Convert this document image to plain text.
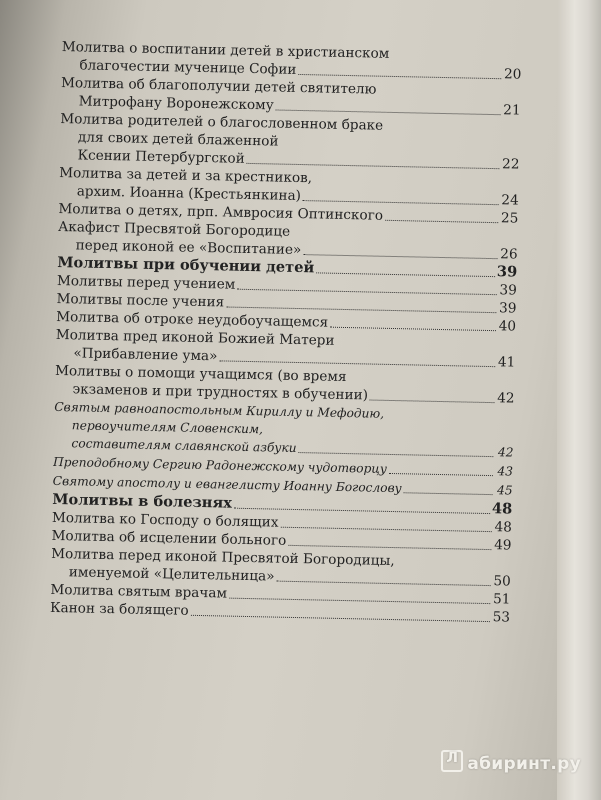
Молитва о воспитании детей в христианском
благочестии мученице Софии	20
Молитва об благополучии детей святителю
Митрофану Воронежскому	21
Молитва родителей о благословенном браке
для своих детей блаженной
Ксении Петербургской	22
Молитва за детей и за крестников,
архим. Иоанна (Крестьянкина)	24
Молитва о детях, прп. Амвросия Оптинского	25
Акафист Пресвятой Богородице
перед иконой ее «Воспитание»	26
Молитвы при обучении детей	39
Молитвы перед учением	39
Молитвы после учения	39
Молитва об отроке неудобоучащемся	40
Молитва пред иконой Божией Матери
«Прибавление ума»	41
Молитвы о помощи учащимся (во время
экзаменов и при трудностях в обучении)	42
Святым равноапостольным Кириллу и Мефодию,
первоучителям Словенским,
составителям славянской азбуки	42
Преподобному Сергию Радонежскому чудотворцу	43
Святому апостолу и евангелисту Иоанну Богослову	45
Молитвы в болезнях	48
Молитва ко Господу о болящих	48
Молитва об исцелении больного	49
Молитва перед иконой Пресвятой Богородицы,
именуемой «Целительница»	50
Молитва святым врачам	51
Канон за болящего	53
Лабиринт.ру
